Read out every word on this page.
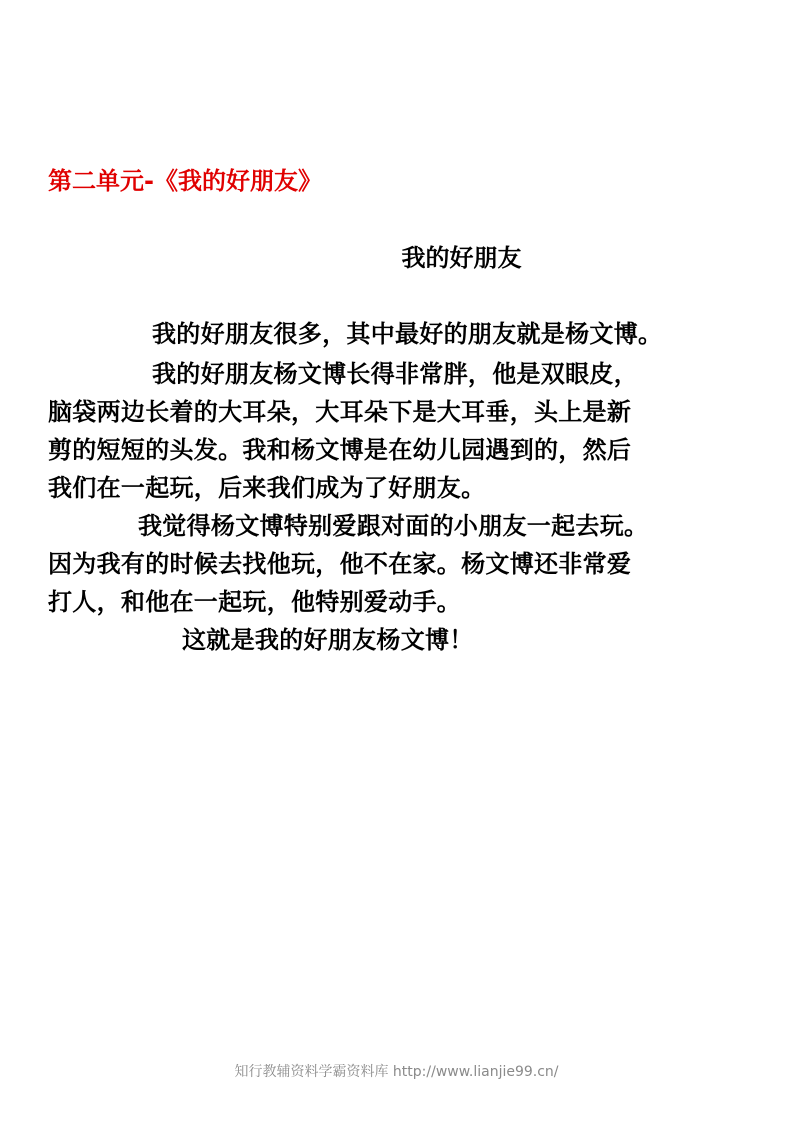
第二单元-《我的好朋友》
我的好朋友
我的好朋友很多，其中最好的朋友就是杨文博。
我的好朋友杨文博长得非常胖，他是双眼皮，
脑袋两边长着的大耳朵，大耳朵下是大耳垂，头上是新
剪的短短的头发。我和杨文博是在幼儿园遇到的，然后
我们在一起玩，后来我们成为了好朋友。
我觉得杨文博特别爱跟对面的小朋友一起去玩。
因为我有的时候去找他玩，他不在家。杨文博还非常爱
打人，和他在一起玩，他特别爱动手。
这就是我的好朋友杨文博！
知行教辅资料学霸资料库 http://www.lianjie99.cn/
